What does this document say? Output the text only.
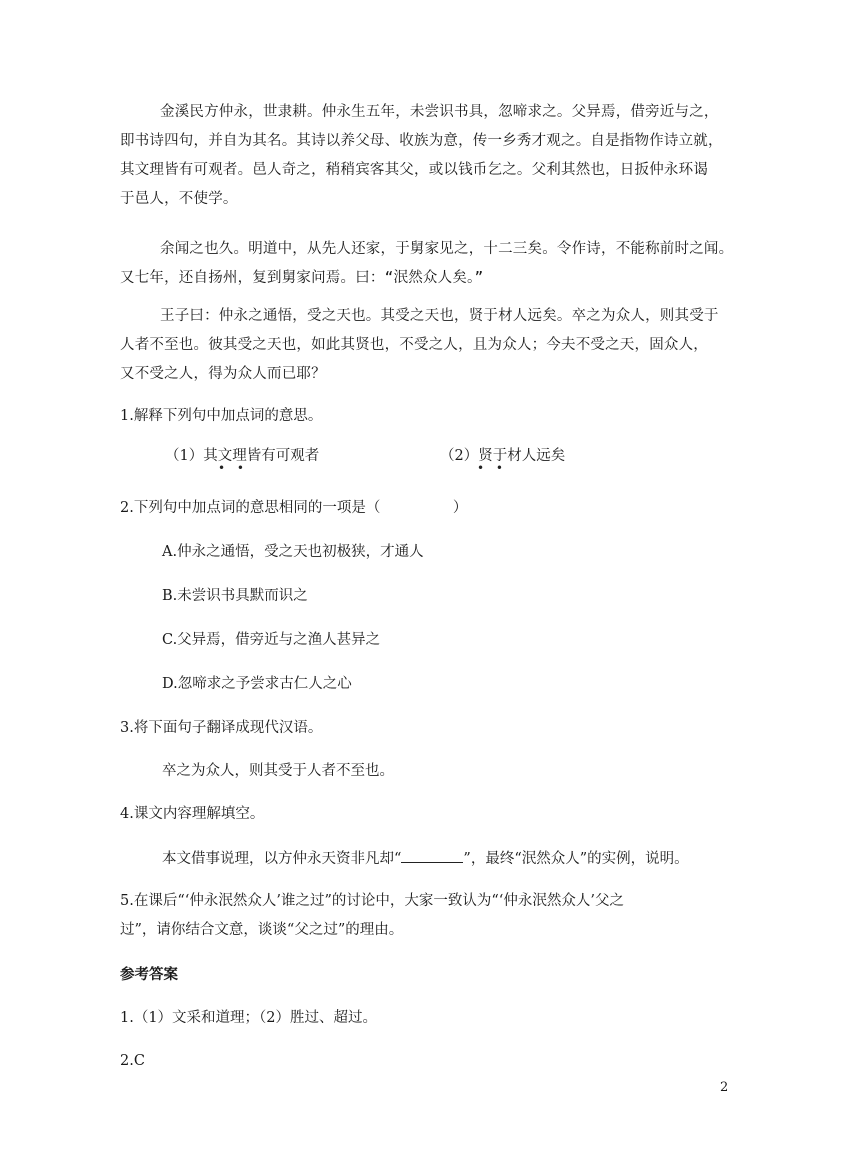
金溪民方仲永，世隶耕。仲永生五年，未尝识书具，忽啼求之。父异焉，借旁近与之，
即书诗四句，并自为其名。其诗以养父母、收族为意，传一乡秀才观之。自是指物作诗立就，
其文理皆有可观者。邑人奇之，稍稍宾客其父，或以钱币乞之。父利其然也，日扳仲永环谒
于邑人，不使学。
余闻之也久。明道中，从先人还家，于舅家见之，十二三矣。令作诗，不能称前时之闻。
又七年，还自扬州，复到舅家问焉。曰：“泯然众人矣。”
王子曰：仲永之通悟，受之天也。其受之天也，贤于材人远矣。卒之为众人，则其受于
人者不至也。彼其受之天也，如此其贤也，不受之人，且为众人；今夫不受之天，固众人，
又不受之人，得为众人而已耶？
1.解释下列句中加点词的意思。
（1）其文理皆有可观者
• •
（2）贤于材人远矣
• •
2.下列句中加点词的意思相同的一项是（　　　　　）
A.仲永之通悟，受之天也初极狭，才通人
B.未尝识书具默而识之
C.父异焉，借旁近与之渔人甚异之
D.忽啼求之予尝求古仁人之心
3.将下面句子翻译成现代汉语。
卒之为众人，则其受于人者不至也。
4.课文内容理解填空。
本文借事说理，以方仲永天资非凡却“	”，最终“泯然众人”的实例，说明。
5.在课后“‘仲永泯然众人’谁之过”的讨论中，大家一致认为“‘仲永泯然众人’父之
过”，请你结合文意，谈谈“父之过”的理由。
参考答案
1.（1）文采和道理；（2）胜过、超过。
2.C
2
